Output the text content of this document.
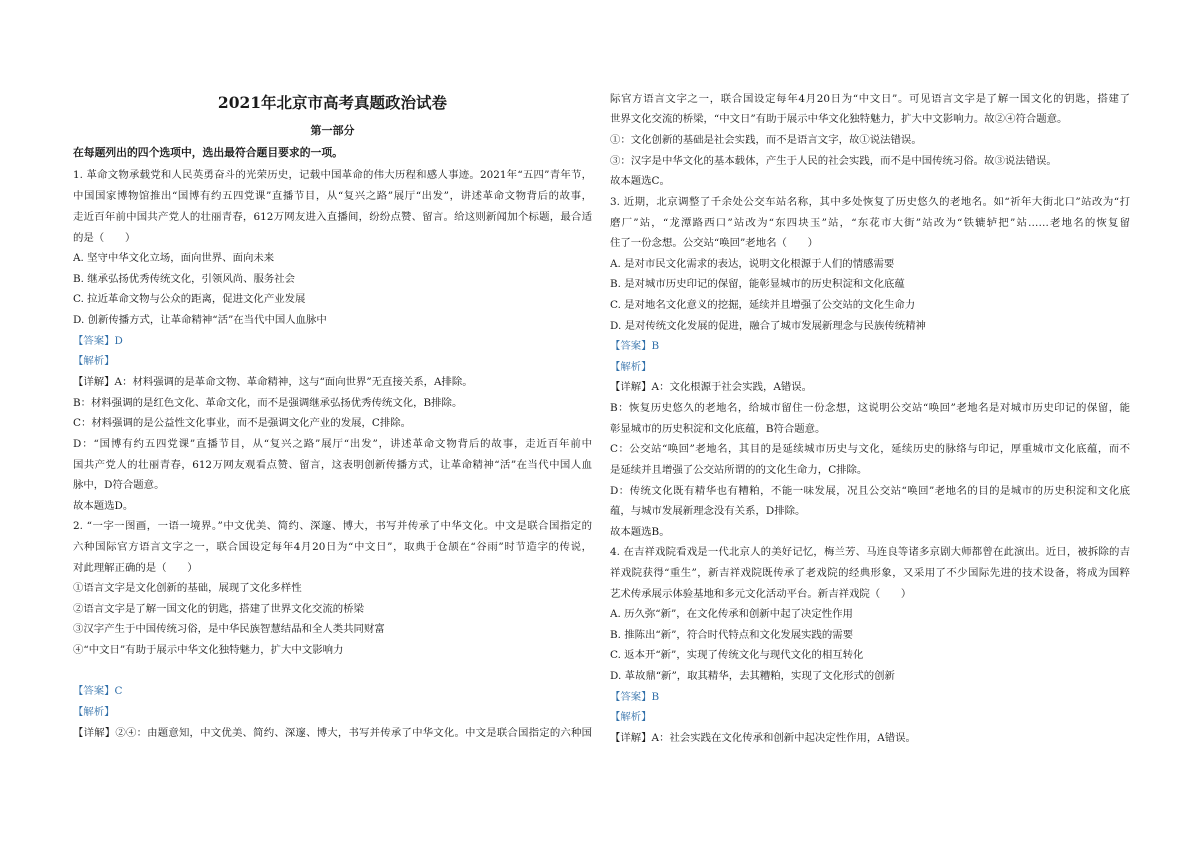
2021年北京市高考真题政治试卷
第一部分
在每题列出的四个选项中，选出最符合题目要求的一项。
1. 革命文物承载党和人民英勇奋斗的光荣历史，记载中国革命的伟大历程和感人事迹。2021年“五四”青年节，
中国国家博物馆推出“国博有约五四党课”直播节目，从“复兴之路”展厅“出发”，讲述革命文物背后的故事，
走近百年前中国共产党人的壮丽青春，612万网友进入直播间，纷纷点赞、留言。给这则新闻加个标题，最合适
的是（　　）
A. 坚守中华文化立场，面向世界、面向未来
B. 继承弘扬优秀传统文化，引领风尚、服务社会
C. 拉近革命文物与公众的距离，促进文化产业发展
D. 创新传播方式，让革命精神“活”在当代中国人血脉中
【答案】D
【解析】
【详解】A：材料强调的是革命文物、革命精神，这与“面向世界”无直接关系，A排除。
B：材料强调的是红色文化、革命文化，而不是强调继承弘扬优秀传统文化，B排除。
C：材料强调的是公益性文化事业，而不是强调文化产业的发展，C排除。
D：“国博有约五四党课”直播节目，从“复兴之路”展厅“出发”，讲述革命文物背后的故事，走近百年前中
国共产党人的壮丽青春，612万网友观看点赞、留言，这表明创新传播方式，让革命精神“活”在当代中国人血
脉中，D符合题意。
故本题选D。
2. “一字一图画，一语一境界。”中文优美、简约、深邃、博大，书写并传承了中华文化。中文是联合国指定的
六种国际官方语言文字之一，联合国设定每年4月20日为“中文日”，取典于仓颉在“谷雨”时节造字的传说，
对此理解正确的是（　　）
①语言文字是文化创新的基础，展现了文化多样性
②语言文字是了解一国文化的钥匙，搭建了世界文化交流的桥梁
③汉字产生于中国传统习俗，是中华民族智慧结晶和全人类共同财富
④“中文日”有助于展示中华文化独特魅力，扩大中文影响力
【答案】C
【解析】
【详解】②④：由题意知，中文优美、简约、深邃、博大，书写并传承了中华文化。中文是联合国指定的六种国
际官方语言文字之一，联合国设定每年4月20日为“中文日”。可见语言文字是了解一国文化的钥匙，搭建了
世界文化交流的桥梁，“中文日”有助于展示中华文化独特魅力，扩大中文影响力。故②④符合题意。
①：文化创新的基础是社会实践，而不是语言文字，故①说法错误。
③：汉字是中华文化的基本载体，产生于人民的社会实践，而不是中国传统习俗。故③说法错误。
故本题选C。
3. 近期，北京调整了千余处公交车站名称，其中多处恢复了历史悠久的老地名。如“祈年大街北口”站改为“打
磨厂”站，“龙潭路西口”站改为“东四块玉”站，“东花市大街”站改为“铁辘轳把”站……老地名的恢复留
住了一份念想。公交站“唤回”老地名（　　）
A. 是对市民文化需求的表达，说明文化根源于人们的情感需要
B. 是对城市历史印记的保留，能彰显城市的历史积淀和文化底蕴
C. 是对地名文化意义的挖掘，延续并且增强了公交站的文化生命力
D. 是对传统文化发展的促进，融合了城市发展新理念与民族传统精神
【答案】B
【解析】
【详解】A：文化根源于社会实践，A错误。
B：恢复历史悠久的老地名，给城市留住一份念想，这说明公交站“唤回”老地名是对城市历史印记的保留，能
彰显城市的历史积淀和文化底蕴，B符合题意。
C：公交站“唤回”老地名，其目的是延续城市历史与文化，延续历史的脉络与印记，厚重城市文化底蕴，而不
是延续并且增强了公交站所谓的的文化生命力，C排除。
D：传统文化既有精华也有糟粕，不能一味发展，况且公交站“唤回”老地名的目的是城市的历史积淀和文化底
蕴，与城市发展新理念没有关系，D排除。
故本题选B。
4. 在吉祥戏院看戏是一代北京人的美好记忆，梅兰芳、马连良等诸多京剧大师都曾在此演出。近日，被拆除的吉
祥戏院获得“重生”，新吉祥戏院既传承了老戏院的经典形象，又采用了不少国际先进的技术设备，将成为国粹
艺术传承展示体验基地和多元文化活动平台。新吉祥戏院（　　）
A. 历久弥“新”，在文化传承和创新中起了决定性作用
B. 推陈出“新”，符合时代特点和文化发展实践的需要
C. 返本开“新”，实现了传统文化与现代文化的相互转化
D. 革故鼎“新”，取其精华，去其糟粕，实现了文化形式的创新
【答案】B
【解析】
【详解】A：社会实践在文化传承和创新中起决定性作用，A错误。
